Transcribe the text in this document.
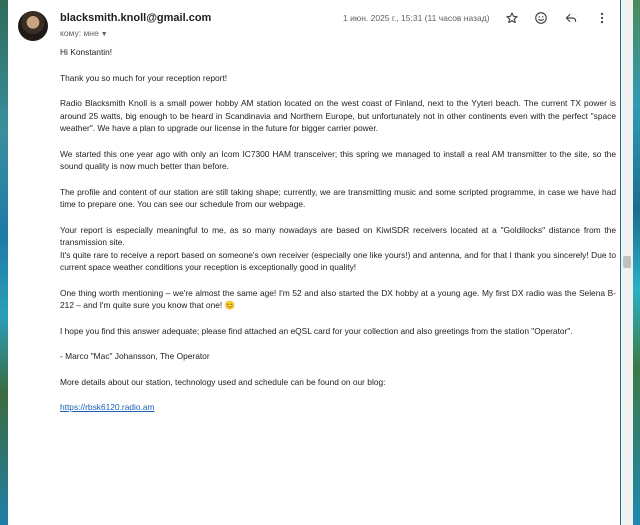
blacksmith.knoll@gmail.com
кому: мне ▼
1 июн. 2025 г., 15:31 (11 часов назад)

Hi Konstantin!

Thank you so much for your reception report!

Radio Blacksmith Knoll is a small power hobby AM station located on the west coast of Finland, next to the Yyteri beach. The current TX power is around 25 watts, big enough to be heard in Scandinavia and Northern Europe, but unfortunately not in other continents even with the perfect "space weather". We have a plan to upgrade our license in the future for bigger carrier power.

We started this one year ago with only an Icom IC7300 HAM transceiver; this spring we managed to install a real AM transmitter to the site, so the sound quality is now much better than before.

The profile and content of our station are still taking shape; currently, we are transmitting music and some scripted programme, in case we have had time to prepare one. You can see our schedule from our webpage.

Your report is especially meaningful to me, as so many nowadays are based on KiwiSDR receivers located at a "Goldilocks" distance from the transmission site.

It's quite rare to receive a report based on someone's own receiver (especially one like yours!) and antenna, and for that I thank you sincerely! Due to current space weather conditions your reception is exceptionally good in quality!

One thing worth mentioning – we're almost the same age! I'm 52 and also started the DX hobby at a young age. My first DX radio was the Selena B-212 – and I'm quite sure you know that one! 😊

I hope you find this answer adequate; please find attached an eQSL card for your collection and also greetings from the station "Operator".

- Marco "Mac" Johansson, The Operator

More details about our station, technology used and schedule can be found on our blog:

https://rbsk6120.radio.am
